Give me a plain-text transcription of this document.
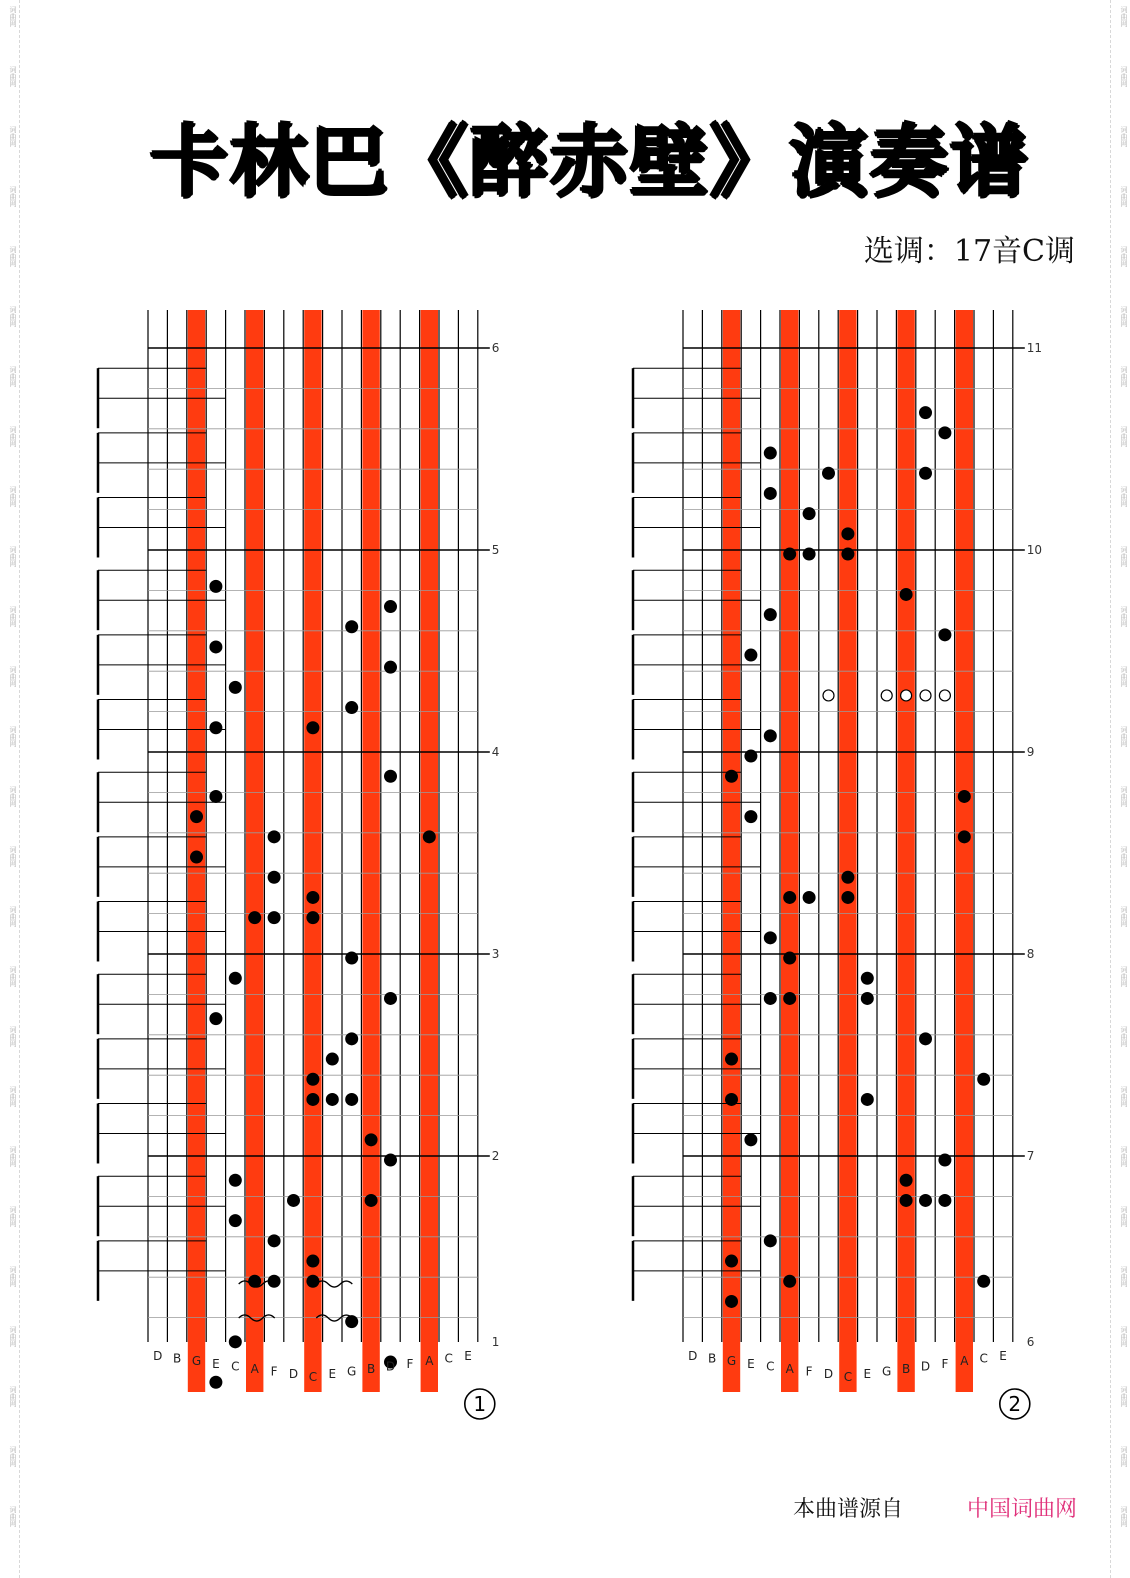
词曲网
词曲网
词曲网
词曲网
词曲网
词曲网
词曲网
词曲网
词曲网
词曲网
词曲网
词曲网
词曲网
词曲网
词曲网
词曲网
词曲网
词曲网
词曲网
词曲网
词曲网
词曲网
词曲网
词曲网
词曲网
词曲网
词曲网
词曲网
词曲网
词曲网
词曲网
词曲网
词曲网
词曲网
词曲网
词曲网
词曲网
词曲网
词曲网
词曲网
词曲网
词曲网
词曲网
词曲网
词曲网
词曲网
词曲网
词曲网
词曲网
词曲网
词曲网
词曲网
卡林巴《醉赤壁》演奏谱
选调：17音C调
6
5
4
3
2
1
D B G E C A F D C E G B D F A C E
1
11
10
9
8
7
6
D B G E C A F D C E G B D F A C E
2
本曲谱源自	中国词曲网
